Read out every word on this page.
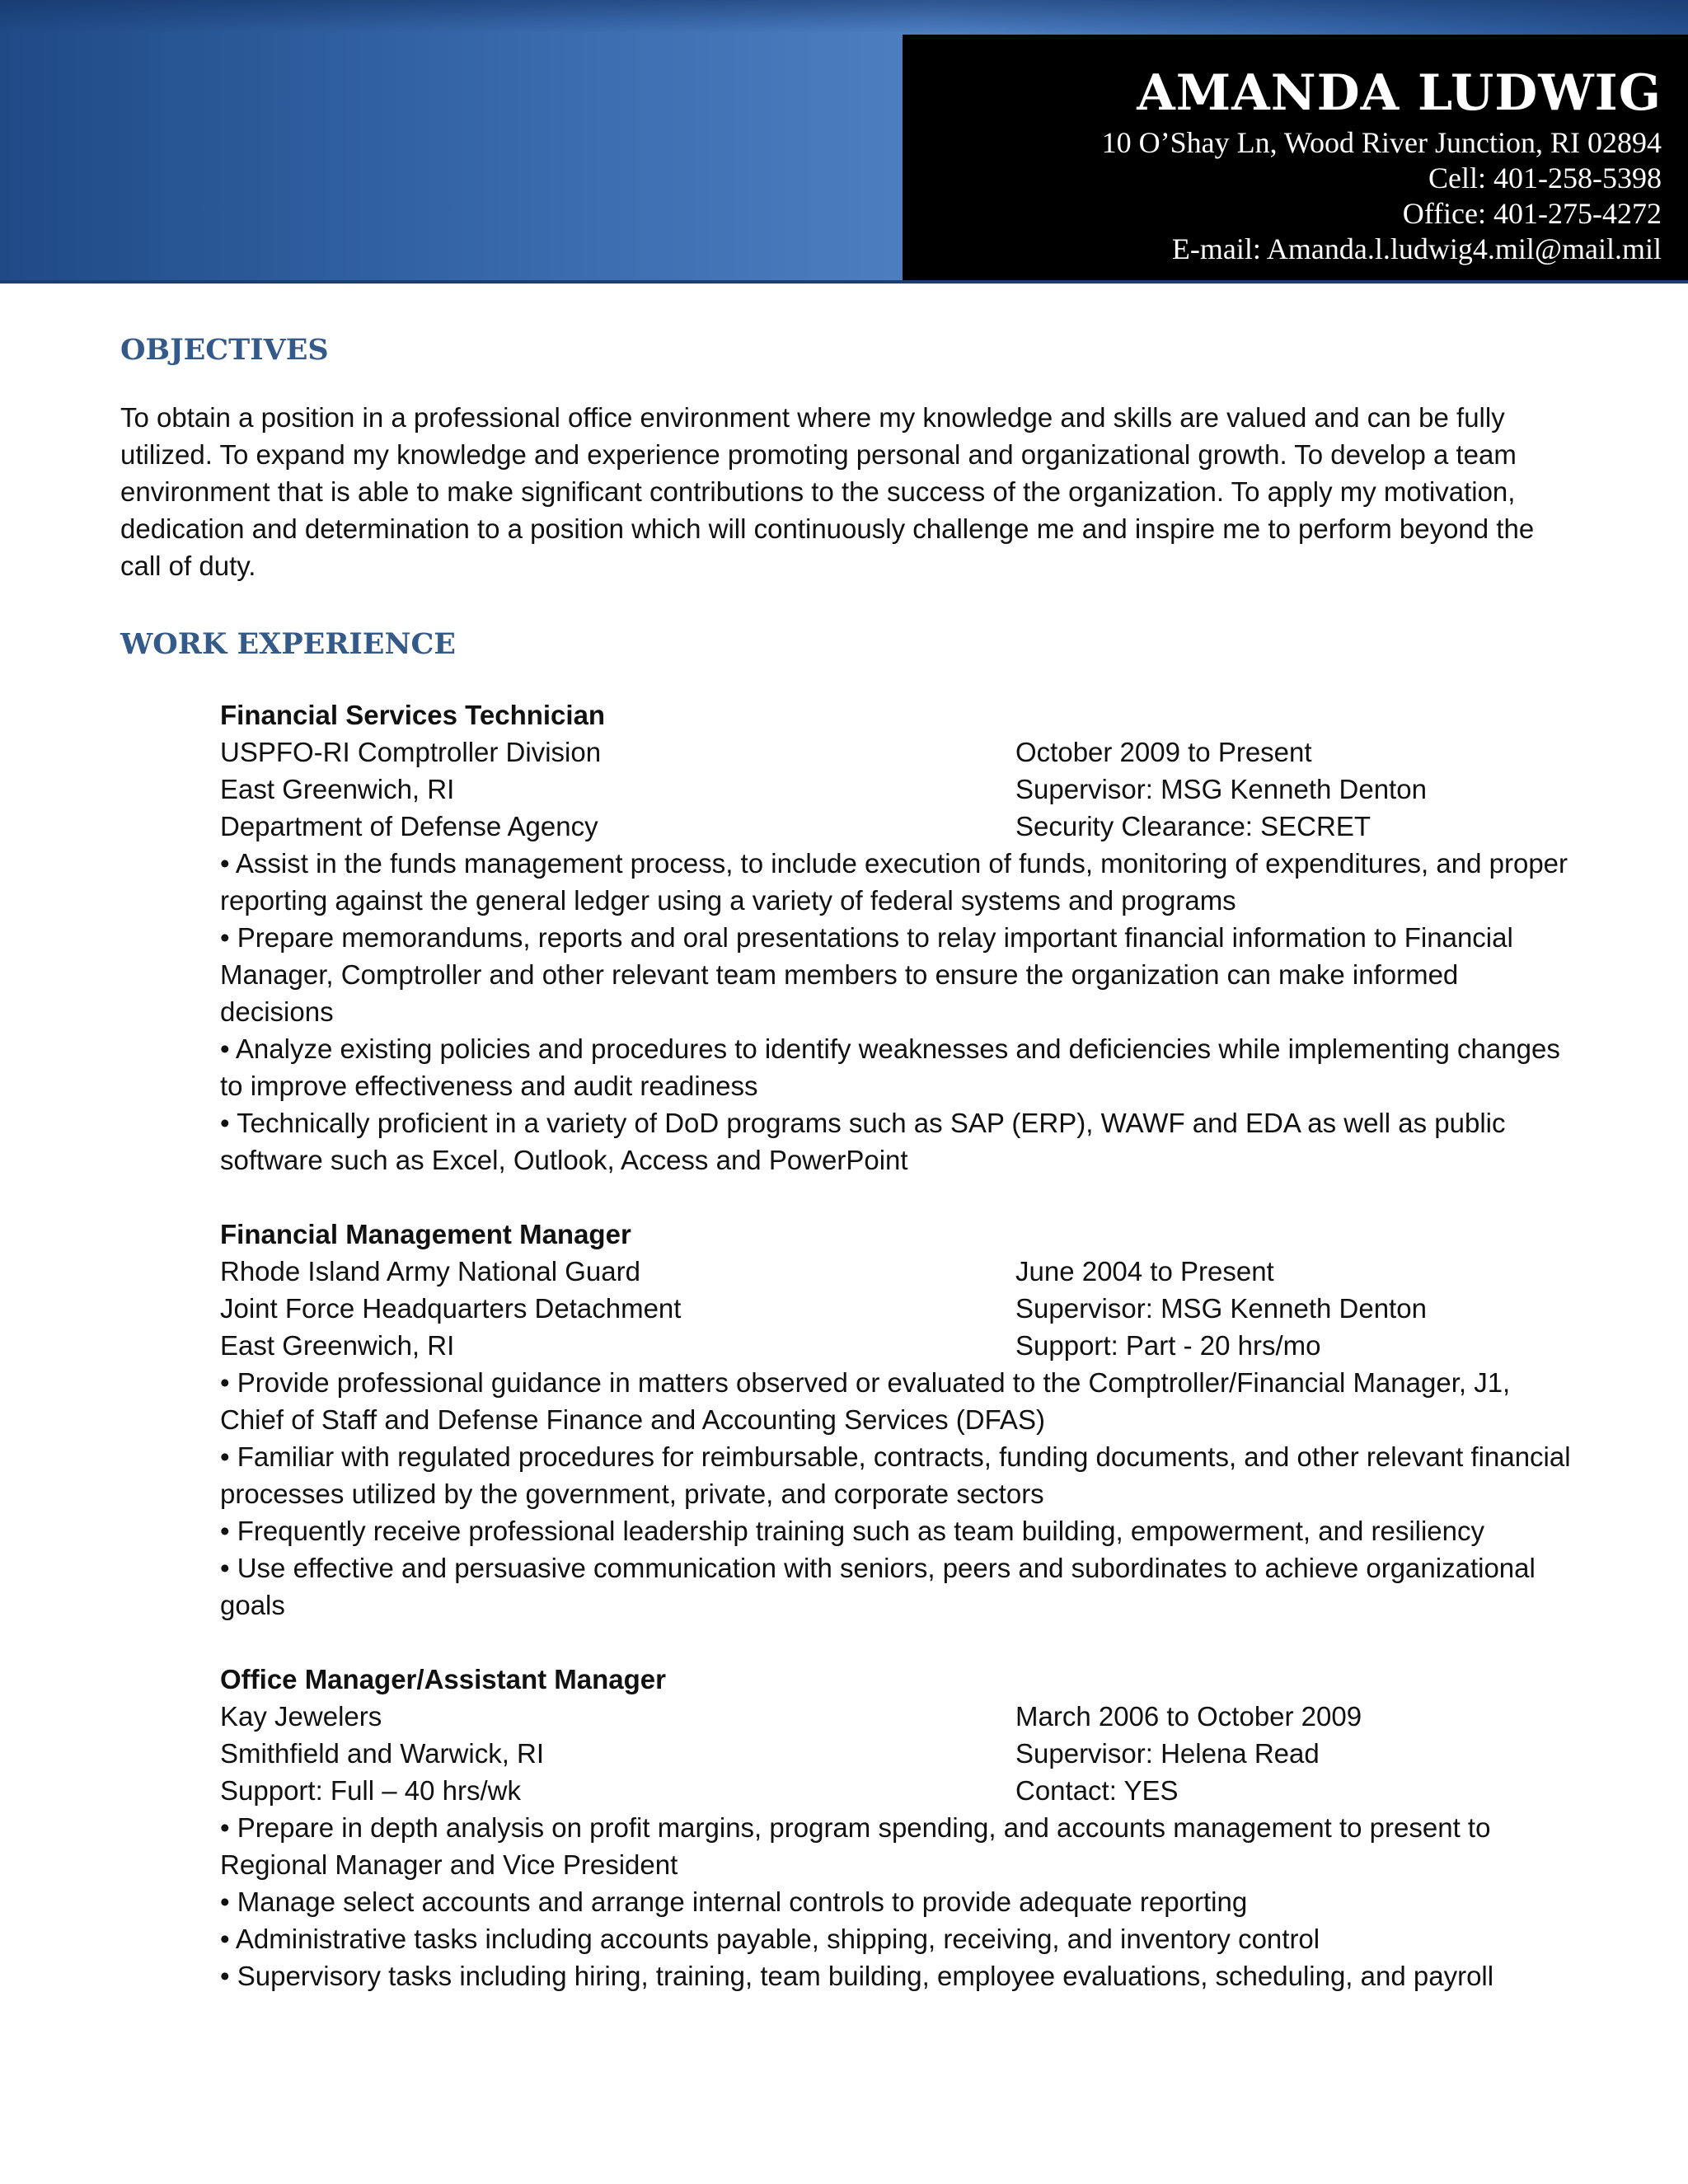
AMANDA LUDWIG
10 O’Shay Ln, Wood River Junction, RI 02894
Cell: 401-258-5398
Office: 401-275-4272
E-mail: Amanda.l.ludwig4.mil@mail.mil
OBJECTIVES
To obtain a position in a professional office environment where my knowledge and skills are valued and can be fully utilized. To expand my knowledge and experience promoting personal and organizational growth. To develop a team environment that is able to make significant contributions to the success of the organization. To apply my motivation, dedication and determination to a position which will continuously challenge me and inspire me to perform beyond the call of duty.
WORK EXPERIENCE
Financial Services Technician
USPFO-RI Comptroller Division	October 2009 to Present
East Greenwich, RI	Supervisor: MSG Kenneth Denton
Department of Defense Agency	Security Clearance: SECRET
• Assist in the funds management process, to include execution of funds, monitoring of expenditures, and proper reporting against the general ledger using a variety of federal systems and programs
• Prepare memorandums, reports and oral presentations to relay important financial information to Financial Manager, Comptroller and other relevant team members to ensure the organization can make informed decisions
• Analyze existing policies and procedures to identify weaknesses and deficiencies while implementing changes to improve effectiveness and audit readiness
• Technically proficient in a variety of DoD programs such as SAP (ERP), WAWF and EDA as well as public software such as Excel, Outlook, Access and PowerPoint
Financial Management Manager
Rhode Island Army National Guard	June 2004 to Present
Joint Force Headquarters Detachment	Supervisor: MSG Kenneth Denton
East Greenwich, RI	Support: Part - 20 hrs/mo
• Provide professional guidance in matters observed or evaluated to the Comptroller/Financial Manager, J1, Chief of Staff and Defense Finance and Accounting Services (DFAS)
• Familiar with regulated procedures for reimbursable, contracts, funding documents, and other relevant financial processes utilized by the government, private, and corporate sectors
• Frequently receive professional leadership training such as team building, empowerment, and resiliency
• Use effective and persuasive communication with seniors, peers and subordinates to achieve organizational goals
Office Manager/Assistant Manager
Kay Jewelers	March 2006 to October 2009
Smithfield and Warwick, RI	Supervisor: Helena Read
Support: Full – 40 hrs/wk	Contact: YES
• Prepare in depth analysis on profit margins, program spending, and accounts management to present to Regional Manager and Vice President
• Manage select accounts and arrange internal controls to provide adequate reporting
• Administrative tasks including accounts payable, shipping, receiving, and inventory control
• Supervisory tasks including hiring, training, team building, employee evaluations, scheduling, and payroll
